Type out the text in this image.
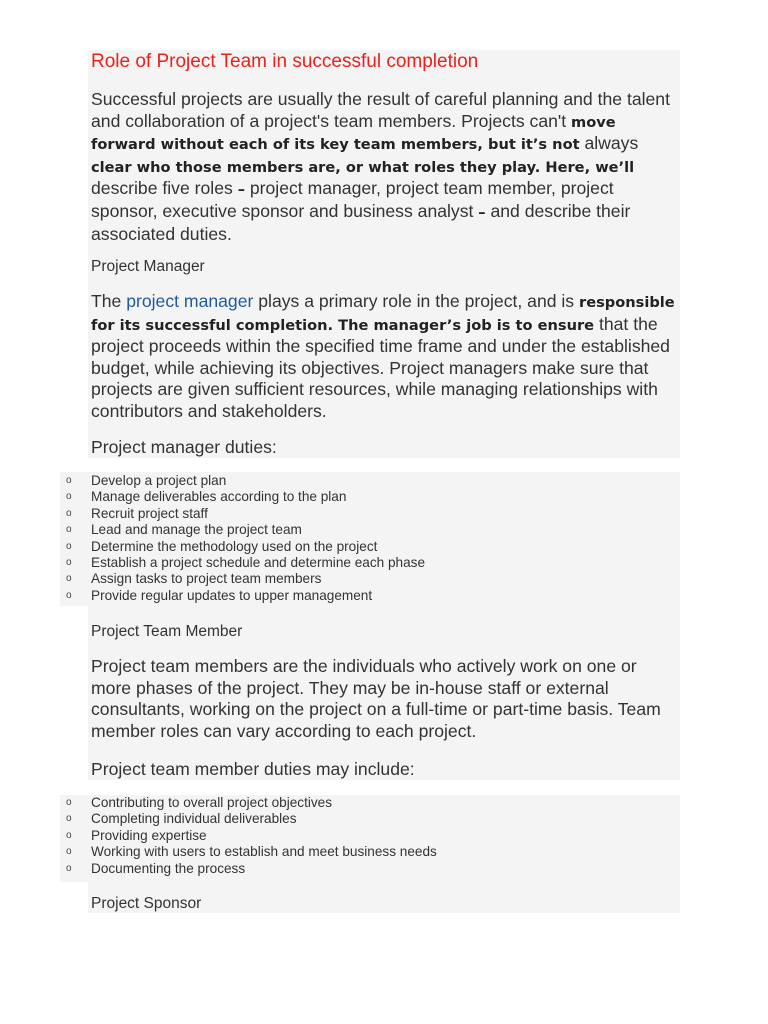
Role of Project Team in successful completion
Successful projects are usually the result of careful planning and the talent and collaboration of a project's team members. Projects can't move forward without each of its key team members, but it’s not always clear who those members are, or what roles they play. Here, we’ll describe five roles – project manager, project team member, project sponsor, executive sponsor and business analyst – and describe their associated duties.
Project Manager
The project manager plays a primary role in the project, and is responsible for its successful completion. The manager’s job is to ensure that the project proceeds within the specified time frame and under the established budget, while achieving its objectives. Project managers make sure that projects are given sufficient resources, while managing relationships with contributors and stakeholders.
Project manager duties:
o Develop a project plan
o Manage deliverables according to the plan
o Recruit project staff
o Lead and manage the project team
o Determine the methodology used on the project
o Establish a project schedule and determine each phase
o Assign tasks to project team members
o Provide regular updates to upper management
Project Team Member
Project team members are the individuals who actively work on one or more phases of the project. They may be in-house staff or external consultants, working on the project on a full-time or part-time basis. Team member roles can vary according to each project.
Project team member duties may include:
o Contributing to overall project objectives
o Completing individual deliverables
o Providing expertise
o Working with users to establish and meet business needs
o Documenting the process
Project Sponsor
